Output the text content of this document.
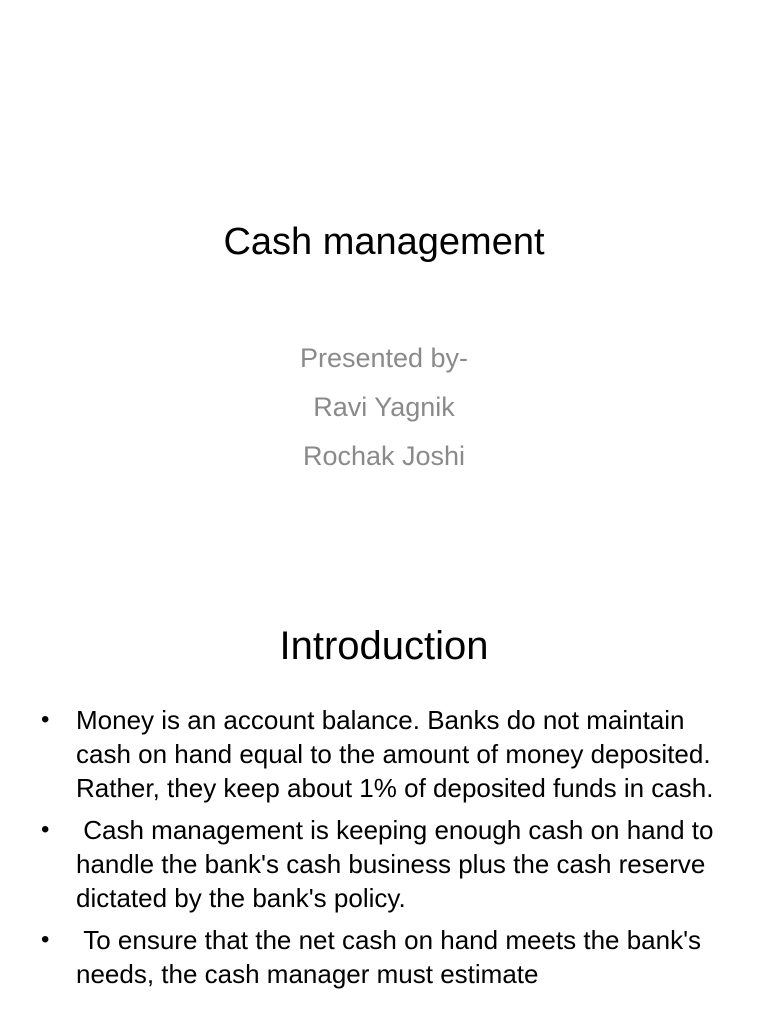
Cash management
Presented by-
Ravi Yagnik
Rochak Joshi
Introduction
• Money is an account balance. Banks do not maintain cash on hand equal to the amount of money deposited. Rather, they keep about 1% of deposited funds in cash.
• Cash management is keeping enough cash on hand to handle the bank's cash business plus the cash reserve dictated by the bank's policy.
• To ensure that the net cash on hand meets the bank's needs, the cash manager must estimate
